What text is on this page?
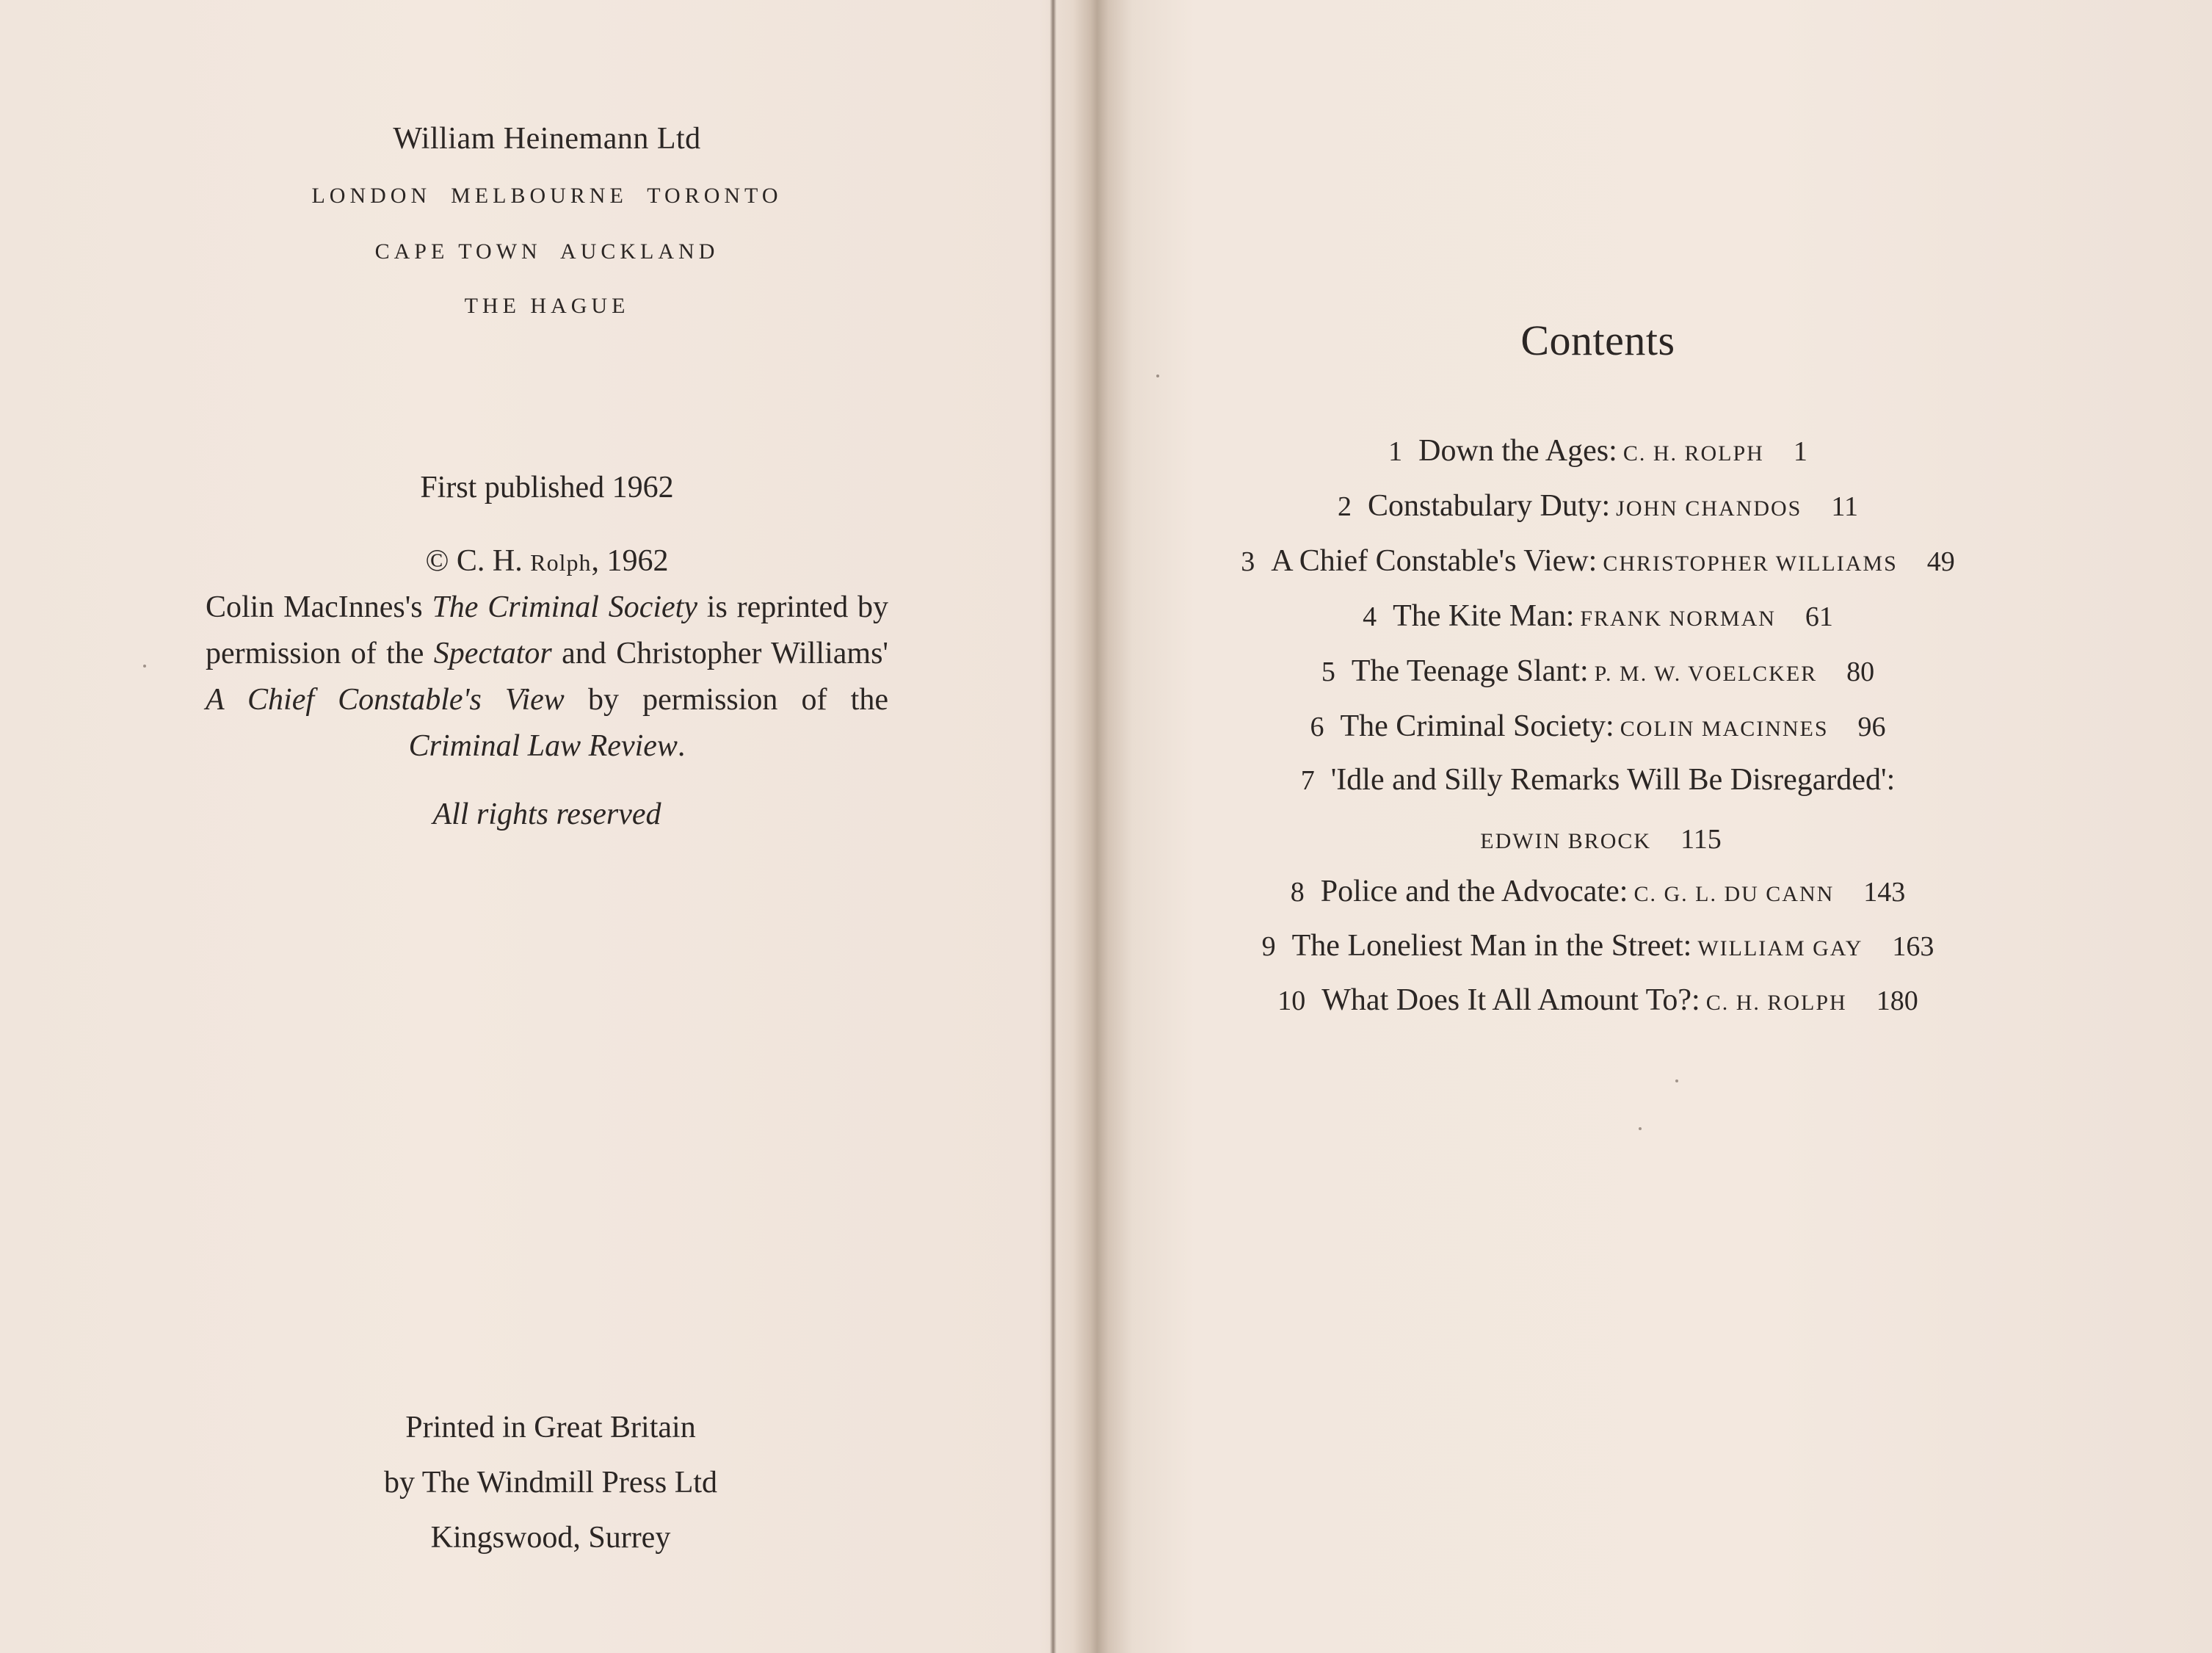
William Heinemann Ltd
LONDON  MELBOURNE  TORONTO
CAPE TOWN  AUCKLAND
THE HAGUE
First published 1962
© C. H. Rolph, 1962
Colin MacInnes's The Criminal Society is reprinted by permission of the Spectator and Christopher Williams' A Chief Constable's View by permission of the Criminal Law Review.
All rights reserved
Printed in Great Britain
by The Windmill Press Ltd
Kingswood, Surrey
Contents
1 Down the Ages: C. H. ROLPH 1
2 Constabulary Duty: JOHN CHANDOS 11
3 A Chief Constable's View: CHRISTOPHER WILLIAMS 49
4 The Kite Man: FRANK NORMAN 61
5 The Teenage Slant: P. M. W. VOELCKER 80
6 The Criminal Society: COLIN MACINNES 96
7 'Idle and Silly Remarks Will Be Disregarded':
EDWIN BROCK 115
8 Police and the Advocate: C. G. L. DU CANN 143
9 The Loneliest Man in the Street: WILLIAM GAY 163
10 What Does It All Amount To?: C. H. ROLPH 180
